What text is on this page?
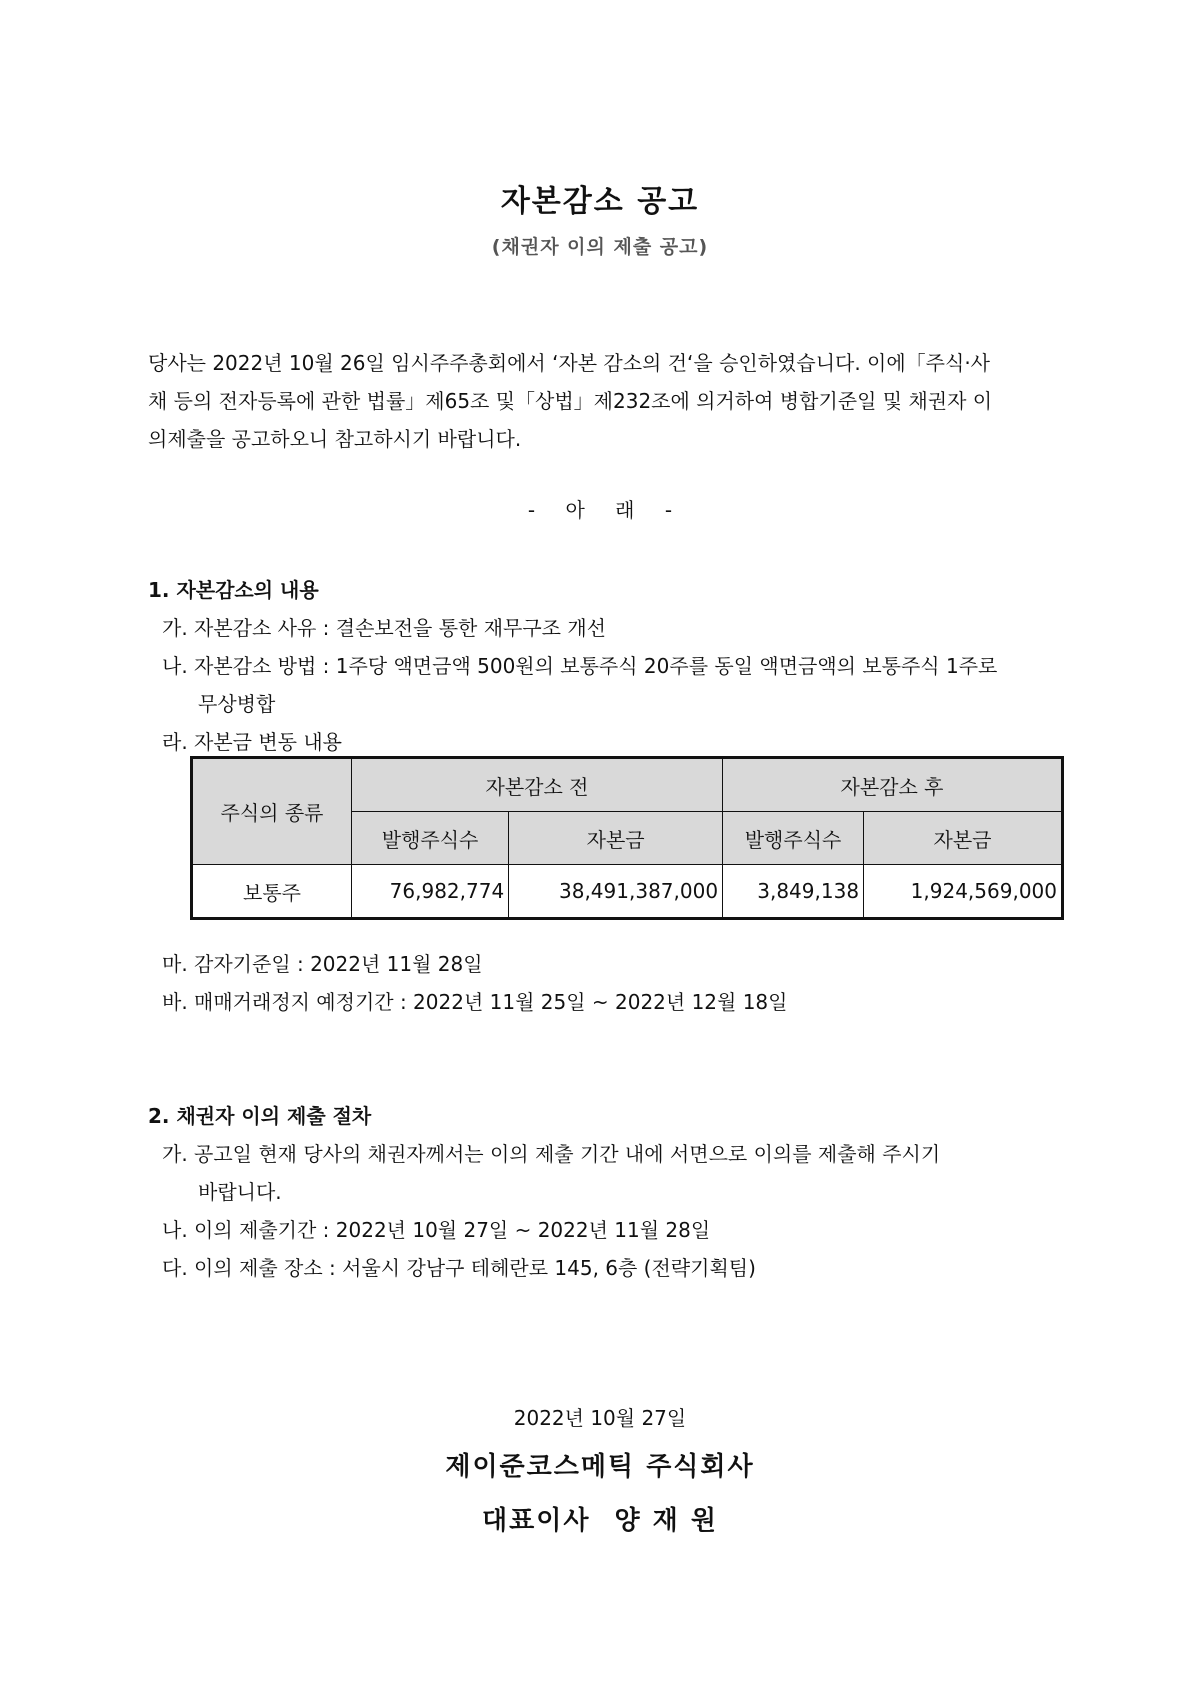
자본감소 공고
(채권자 이의 제출 공고)
당사는 2022년 10월 26일 임시주주총회에서 ‘자본 감소의 건‘을 승인하였습니다. 이에「주식·사
채 등의 전자등록에 관한 법률」제65조 및「상법」제232조에 의거하여 병합기준일 및 채권자 이
의제출을 공고하오니 참고하시기 바랍니다.
- 아 래 -
1. 자본감소의 내용
가. 자본감소 사유 : 결손보전을 통한 재무구조 개선
나. 자본감소 방법 : 1주당 액면금액 500원의 보통주식 20주를 동일 액면금액의 보통주식 1주로
무상병합
라. 자본금 변동 내용
주식의 종류	자본감소 전		자본감소 후	
	발행주식수	자본금	발행주식수	자본금
보통주	76,982,774	38,491,387,000	3,849,138	1,924,569,000
마. 감자기준일 : 2022년 11월 28일
바. 매매거래정지 예정기간 : 2022년 11월 25일 ~ 2022년 12월 18일
2. 채권자 이의 제출 절차
가. 공고일 현재 당사의 채권자께서는 이의 제출 기간 내에 서면으로 이의를 제출해 주시기
바랍니다.
나. 이의 제출기간 : 2022년 10월 27일 ~ 2022년 11월 28일
다. 이의 제출 장소 : 서울시 강남구 테헤란로 145, 6층 (전략기획팀)
2022년 10월 27일
제이준코스메틱 주식회사
대표이사 양 재 원
